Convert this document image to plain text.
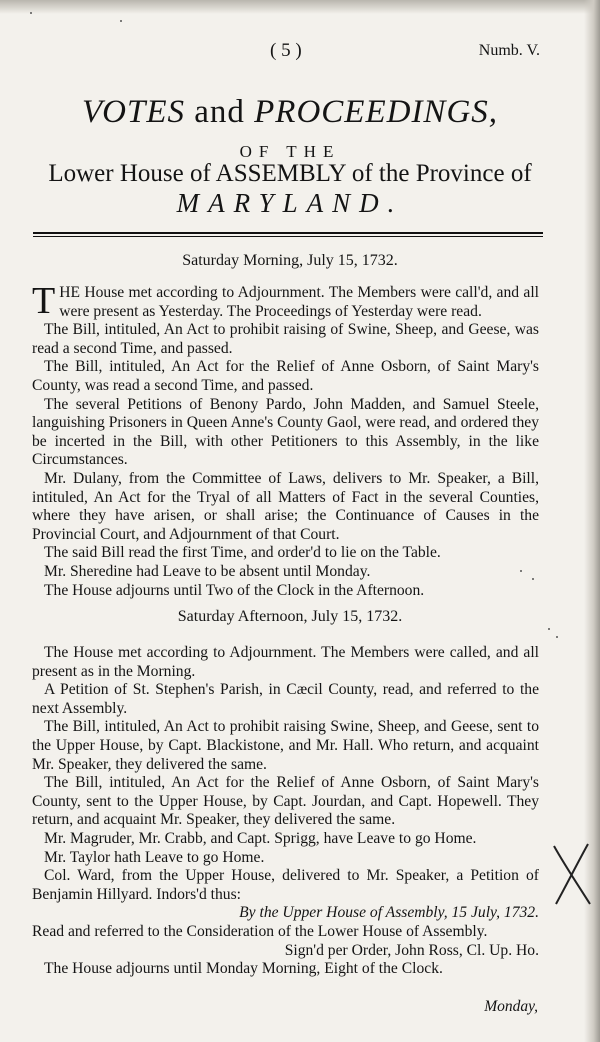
( 5 )	Numb. V.
VOTES and PROCEEDINGS,
OF THE
Lower House of ASSEMBLY of the Province of
MARYLAND.
Saturday Morning, July 15, 1732.
THE House met according to Adjournment. The Members were call'd, and all were present as Yesterday. The Proceedings of Yesterday were read.
The Bill, intituled, An Act to prohibit raising of Swine, Sheep, and Geese, was read a second Time, and passed.
The Bill, intituled, An Act for the Relief of Anne Osborn, of Saint Mary's County, was read a second Time, and passed.
The several Petitions of Benony Pardo, John Madden, and Samuel Steele, languishing Prisoners in Queen Anne's County Gaol, were read, and ordered they be incerted in the Bill, with other Petitioners to this Assembly, in the like Circumstances.
Mr. Dulany, from the Committee of Laws, delivers to Mr. Speaker, a Bill, intituled, An Act for the Tryal of all Matters of Fact in the several Counties, where they have arisen, or shall arise; the Continuance of Causes in the Provincial Court, and Adjournment of that Court.
The said Bill read the first Time, and order'd to lie on the Table.
Mr. Sheredine had Leave to be absent until Monday.
The House adjourns until Two of the Clock in the Afternoon.
Saturday Afternoon, July 15, 1732.
The House met according to Adjournment. The Members were called, and all present as in the Morning.
A Petition of St. Stephen's Parish, in Cæcil County, read, and referred to the next Assembly.
The Bill, intituled, An Act to prohibit raising Swine, Sheep, and Geese, sent to the Upper House, by Capt. Blackistone, and Mr. Hall. Who return, and acquaint Mr. Speaker, they delivered the same.
The Bill, intituled, An Act for the Relief of Anne Osborn, of Saint Mary's County, sent to the Upper House, by Capt. Jourdan, and Capt. Hopewell. They return, and acquaint Mr. Speaker, they delivered the same.
Mr. Magruder, Mr. Crabb, and Capt. Sprigg, have Leave to go Home.
Mr. Taylor hath Leave to go Home.
Col. Ward, from the Upper House, delivered to Mr. Speaker, a Petition of Benjamin Hillyard. Indors'd thus:
By the Upper House of Assembly, 15 July, 1732.
Read and referred to the Consideration of the Lower House of Assembly.
Sign'd per Order, John Ross, Cl. Up. Ho.
The House adjourns until Monday Morning, Eight of the Clock.
Monday,
